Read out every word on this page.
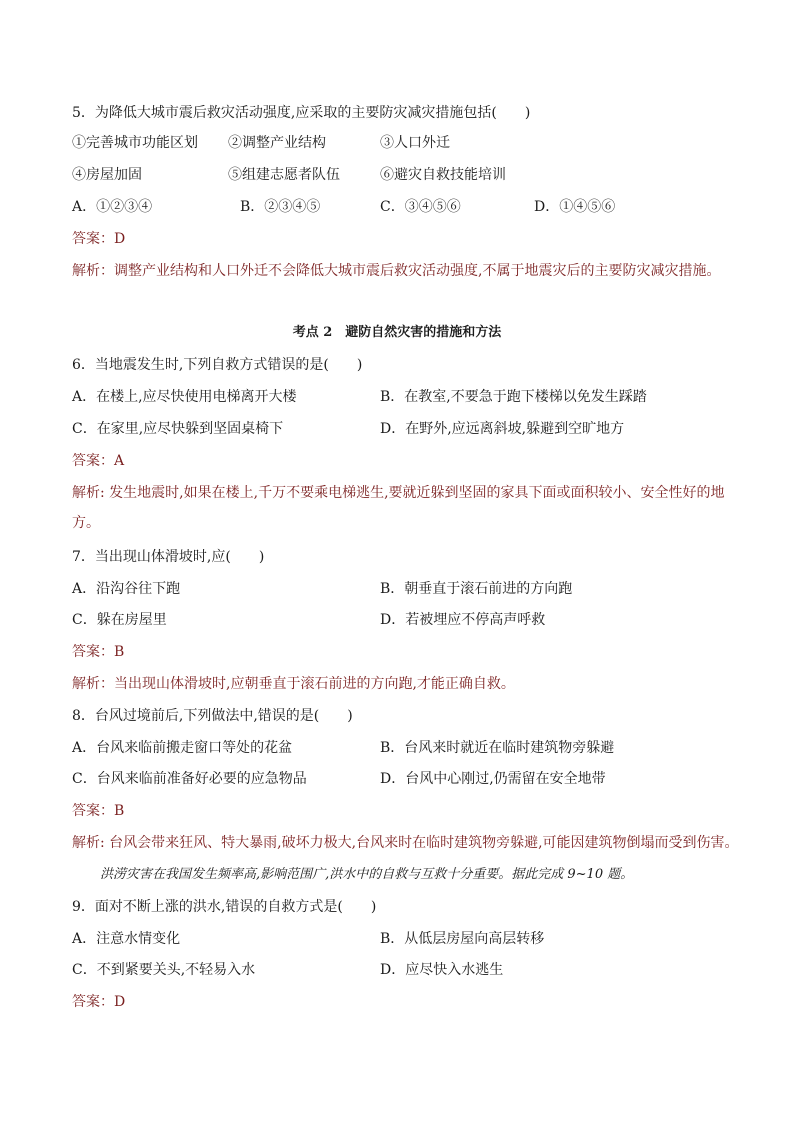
5．为降低大城市震后救灾活动强度,应采取的主要防灾减灾措施包括(　　)
①完善城市功能区划 ②调整产业结构	③人口外迁
④房屋加固	⑤组建志愿者队伍	⑥避灾自救技能培训
A．①②③④	B．②③④⑤	C．③④⑤⑥	D．①④⑤⑥
答案：D
解析：调整产业结构和人口外迁不会降低大城市震后救灾活动强度,不属于地震灾后的主要防灾减灾措施。
考点 2　避防自然灾害的措施和方法
6．当地震发生时,下列自救方式错误的是(　　)
A．在楼上,应尽快使用电梯离开大楼	B．在教室,不要急于跑下楼梯以免发生踩踏
C．在家里,应尽快躲到坚固桌椅下	D．在野外,应远离斜坡,躲避到空旷地方
答案：A
解析: 发生地震时,如果在楼上,千万不要乘电梯逃生,要就近躲到坚固的家具下面或面积较小、安全性好的地
方。
7．当出现山体滑坡时,应(　　)
A．沿沟谷往下跑	B．朝垂直于滚石前进的方向跑
C．躲在房屋里	D．若被埋应不停高声呼救
答案：B
解析：当出现山体滑坡时,应朝垂直于滚石前进的方向跑,才能正确自救。
8．台风过境前后,下列做法中,错误的是(　　)
A．台风来临前搬走窗口等处的花盆	B．台风来时就近在临时建筑物旁躲避
C．台风来临前准备好必要的应急物品	D．台风中心刚过,仍需留在安全地带
答案：B
解析: 台风会带来狂风、特大暴雨,破坏力极大,台风来时在临时建筑物旁躲避,可能因建筑物倒塌而受到伤害。
洪涝灾害在我国发生频率高,影响范围广,洪水中的自救与互救十分重要。据此完成 9~10 题。
9．面对不断上涨的洪水,错误的自救方式是(　　)
A．注意水情变化	B．从低层房屋向高层转移
C．不到紧要关头,不轻易入水	D．应尽快入水逃生
答案：D
